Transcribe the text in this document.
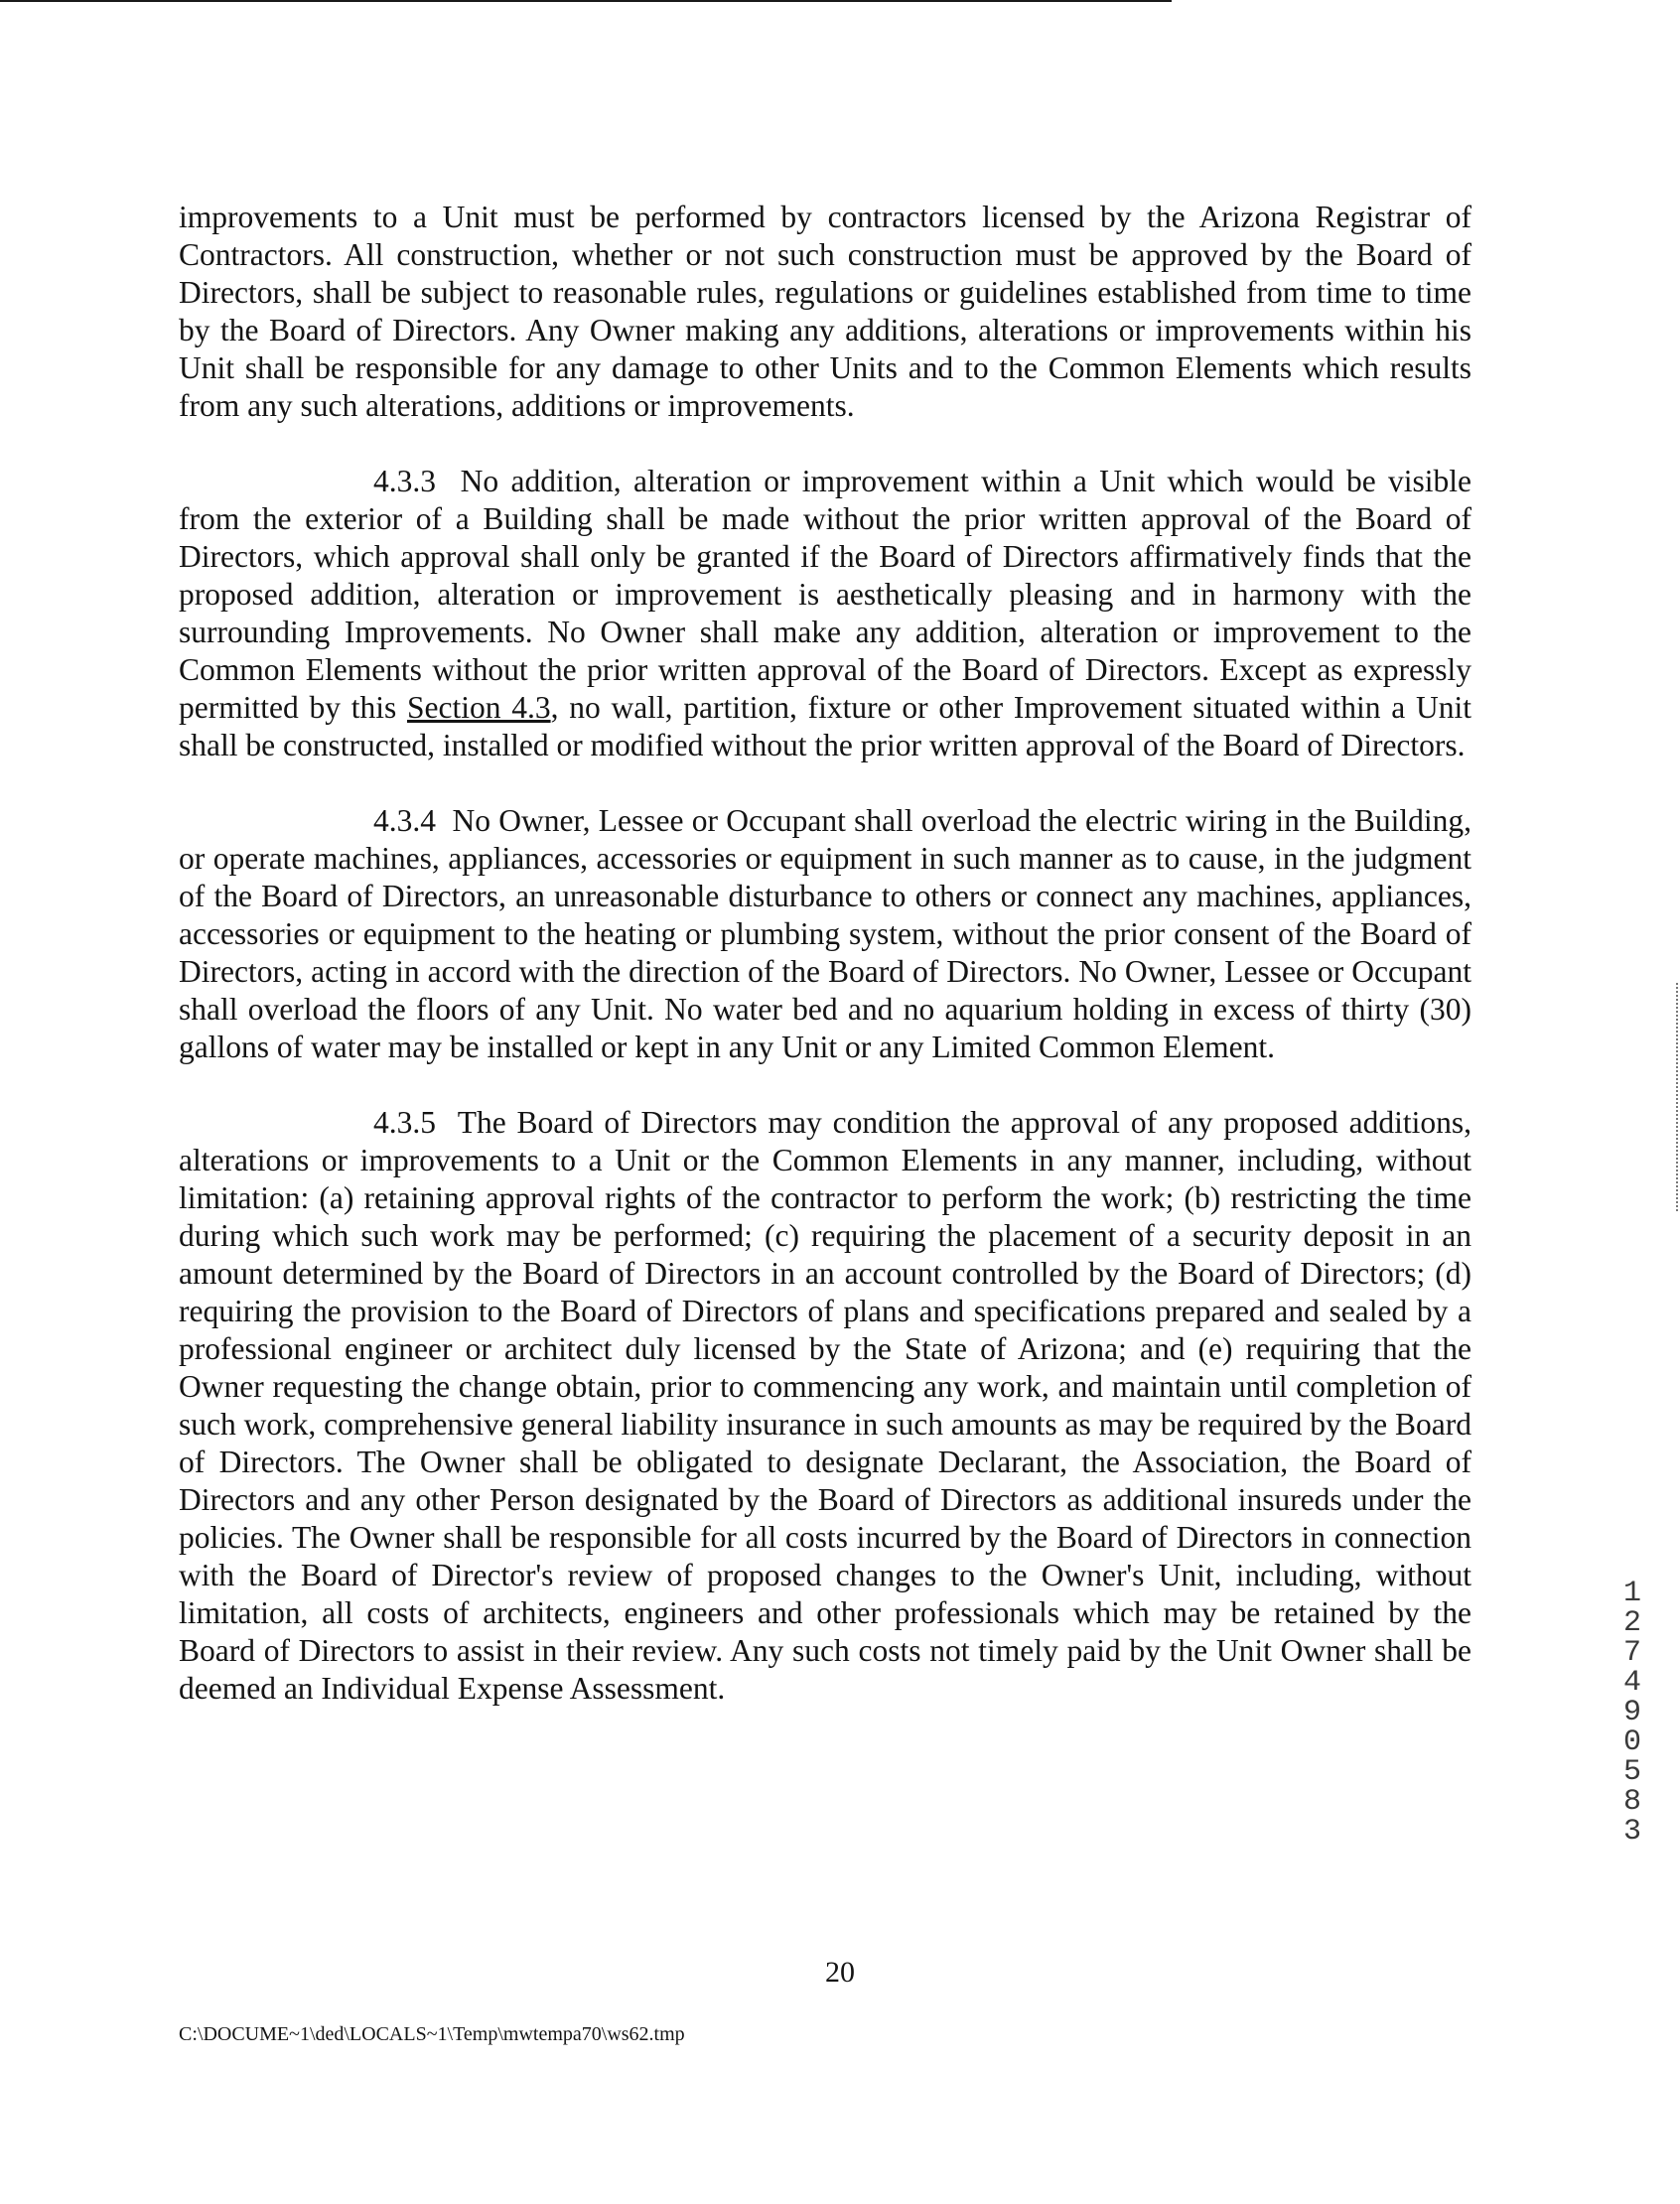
improvements to a Unit must be performed by contractors licensed by the Arizona Registrar of Contractors. All construction, whether or not such construction must be approved by the Board of Directors, shall be subject to reasonable rules, regulations or guidelines established from time to time by the Board of Directors. Any Owner making any additions, alterations or improvements within his Unit shall be responsible for any damage to other Units and to the Common Elements which results from any such alterations, additions or improvements.

4.3.3 No addition, alteration or improvement within a Unit which would be visible from the exterior of a Building shall be made without the prior written approval of the Board of Directors, which approval shall only be granted if the Board of Directors affirmatively finds that the proposed addition, alteration or improvement is aesthetically pleasing and in harmony with the surrounding Improvements. No Owner shall make any addition, alteration or improvement to the Common Elements without the prior written approval of the Board of Directors. Except as expressly permitted by this Section 4.3, no wall, partition, fixture or other Improvement situated within a Unit shall be constructed, installed or modified without the prior written approval of the Board of Directors.

4.3.4 No Owner, Lessee or Occupant shall overload the electric wiring in the Building, or operate machines, appliances, accessories or equipment in such manner as to cause, in the judgment of the Board of Directors, an unreasonable disturbance to others or connect any machines, appliances, accessories or equipment to the heating or plumbing system, without the prior consent of the Board of Directors, acting in accord with the direction of the Board of Directors. No Owner, Lessee or Occupant shall overload the floors of any Unit. No water bed and no aquarium holding in excess of thirty (30) gallons of water may be installed or kept in any Unit or any Limited Common Element.

4.3.5 The Board of Directors may condition the approval of any proposed additions, alterations or improvements to a Unit or the Common Elements in any manner, including, without limitation: (a) retaining approval rights of the contractor to perform the work; (b) restricting the time during which such work may be performed; (c) requiring the placement of a security deposit in an amount determined by the Board of Directors in an account controlled by the Board of Directors; (d) requiring the provision to the Board of Directors of plans and specifications prepared and sealed by a professional engineer or architect duly licensed by the State of Arizona; and (e) requiring that the Owner requesting the change obtain, prior to commencing any work, and maintain until completion of such work, comprehensive general liability insurance in such amounts as may be required by the Board of Directors. The Owner shall be obligated to designate Declarant, the Association, the Board of Directors and any other Person designated by the Board of Directors as additional insureds under the policies. The Owner shall be responsible for all costs incurred by the Board of Directors in connection with the Board of Director's review of proposed changes to the Owner's Unit, including, without limitation, all costs of architects, engineers and other professionals which may be retained by the Board of Directors to assist in their review. Any such costs not timely paid by the Unit Owner shall be deemed an Individual Expense Assessment.

20
C:\DOCUME~1\ded\LOCALS~1\Temp\mwtempa70\ws62.tmp
12749 0583
